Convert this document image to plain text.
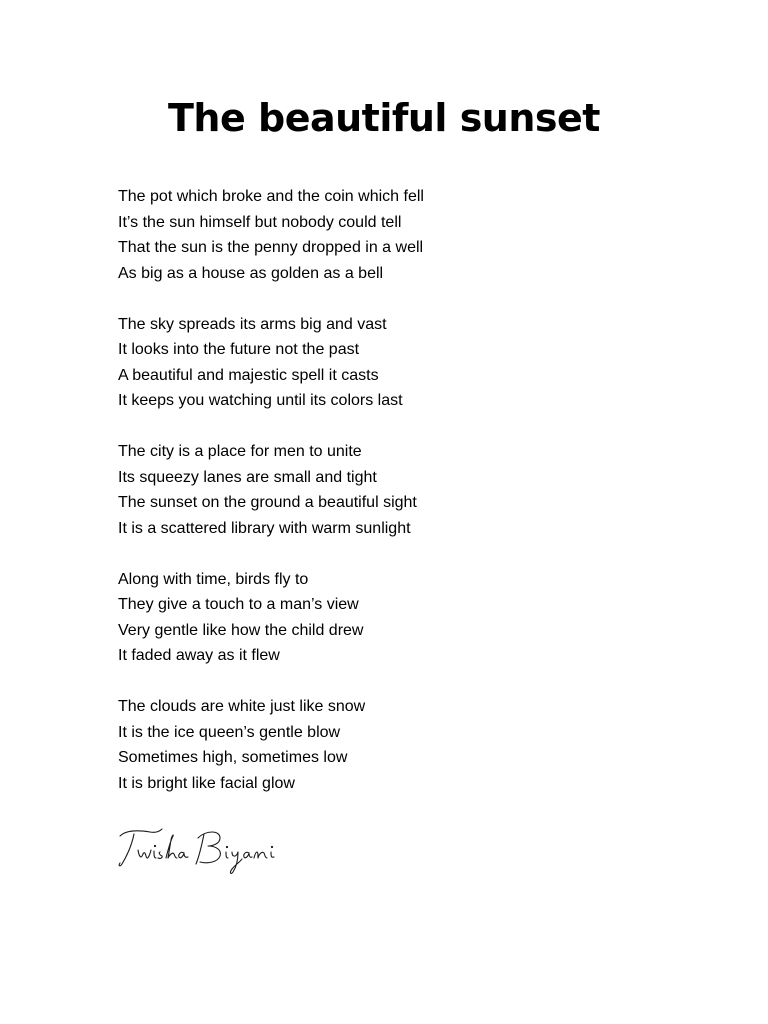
The beautiful sunset
The pot which broke and the coin which fell
It’s the sun himself but nobody could tell
That the sun is the penny dropped in a well
As big as a house as golden as a bell
The sky spreads its arms big and vast
It looks into the future not the past
A beautiful and majestic spell it casts
It keeps you watching until its colors last
The city is a place for men to unite
Its squeezy lanes are small and tight
The sunset on the ground a beautiful sight
It is a scattered library with warm sunlight
Along with time, birds fly to
They give a touch to a man’s view
Very gentle like how the child drew
It faded away as it flew
The clouds are white just like snow
It is the ice queen’s gentle blow
Sometimes high, sometimes low
It is bright like facial glow
